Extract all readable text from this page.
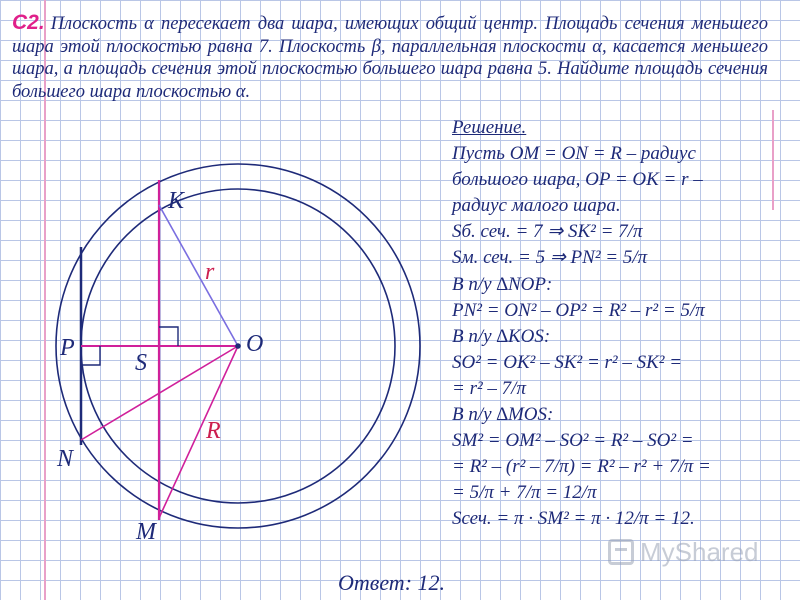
С2. Плоскость α пересекает два шара, имеющих общий центр. Площадь сечения меньшего шара этой плоскостью равна 7. Плоскость β, параллельная плоскости α, касается меньшего шара, а площадь сечения этой плоскостью большего шара равна 5. Найдите площадь сечения большего шара плоскостью α.
K
r
P
S
O
R
N
M
Решение.
Пусть OM = ON = R – радиус
большого шара, OP = OK = r –
радиус малого шара.
Sб. сеч. = 7 ⇒ SK² = 7/π
Sм. сеч. = 5 ⇒ PN² = 5/π
В п/у ∆NOP:
PN² = ON² – OP² = R² – r² = 5/π
В п/у ∆KOS:
SO² = OK² – SK² = r² – SK² =
= r² – 7/π
В п/у ∆MOS:
SM² = OM² – SO² = R² – SO² =
= R² – (r² – 7/π) = R² – r² + 7/π =
= 5/π + 7/π = 12/π
Sсеч. = π · SM² = π · 12/π = 12.
Ответ: 12.
MyShared
